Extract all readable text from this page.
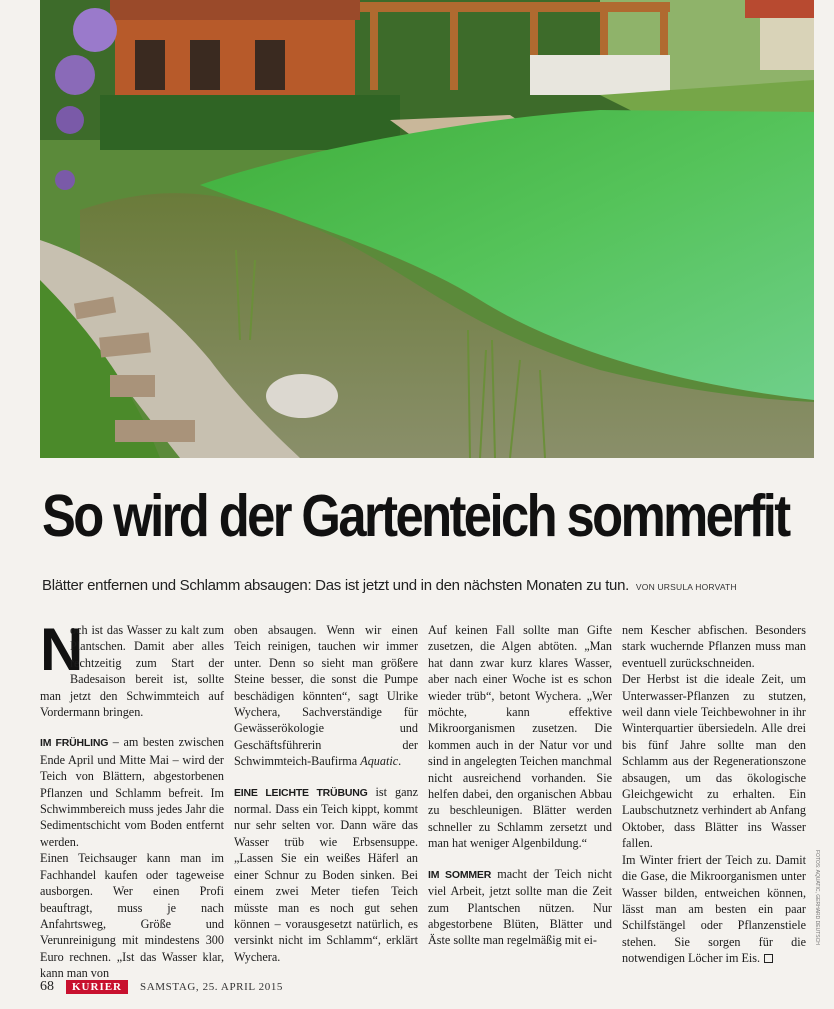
So wird der Gartenteich sommerfit
Blätter entfernen und Schlamm absaugen: Das ist jetzt und in den nächsten Monaten zu tun. VON URSULA HORVATH

N
och ist das Wasser zu kalt zum Plantschen. Damit aber alles rechtzeitig zum Start der Badesaison bereit ist, sollte man jetzt den Schwimmteich auf Vordermann bringen.

IM FRÜHLING – am besten zwischen Ende April und Mitte Mai – wird der Teich von Blättern, abgestorbenen Pflanzen und Schlamm befreit. Im Schwimmbereich muss jedes Jahr die Sedimentschicht vom Boden entfernt werden.

Einen Teichsauger kann man im Fachhandel kaufen oder tageweise ausborgen. Wer einen Profi beauftragt, muss je nach Anfahrtsweg, Größe und Verunreinigung mit mindestens 300 Euro rechnen. „Ist das Wasser klar, kann man von

oben absaugen. Wenn wir einen Teich reinigen, tauchen wir immer unter. Denn so sieht man größere Steine besser, die sonst die Pumpe beschädigen könnten“, sagt Ulrike Wychera, Sachverständige für Gewässerökologie und Geschäftsführerin der Schwimmteich-Baufirma Aquatic.

EINE LEICHTE TRÜBUNG ist ganz normal. Dass ein Teich kippt, kommt nur sehr selten vor. Dann wäre das Wasser trüb wie Erbsensuppe. „Lassen Sie ein weißes Häferl an einer Schnur zu Boden sinken. Bei einem zwei Meter tiefen Teich müsste man es noch gut sehen können – vorausgesetzt natürlich, es versinkt nicht im Schlamm“, erklärt Wychera.

Auf keinen Fall sollte man Gifte zusetzen, die Algen abtöten. „Man hat dann zwar kurz klares Wasser, aber nach einer Woche ist es schon wieder trüb“, betont Wychera. „Wer möchte, kann effektive Mikroorganismen zusetzen. Die kommen auch in der Natur vor und sind in angelegten Teichen manchmal nicht ausreichend vorhanden. Sie helfen dabei, den organischen Abbau zu beschleunigen. Blätter werden schneller zu Schlamm zersetzt und man hat weniger Algenbildung.“

IM SOMMER macht der Teich nicht viel Arbeit, jetzt sollte man die Zeit zum Plantschen nützen. Nur abgestorbene Blüten, Blätter und Äste sollte man regelmäßig mit ei-

nem Kescher abfischen. Besonders stark wuchernde Pflanzen muss man eventuell zurückschneiden.

Der Herbst ist die ideale Zeit, um Unterwasser-Pflanzen zu stutzen, weil dann viele Teichbewohner in ihr Winterquartier übersiedeln. Alle drei bis fünf Jahre sollte man den Schlamm aus der Regenerationszone absaugen, um das ökologische Gleichgewicht zu erhalten. Ein Laubschutznetz verhindert ab Anfang Oktober, dass Blätter ins Wasser fallen.

Im Winter friert der Teich zu. Damit die Gase, die Mikroorganismen unter Wasser bilden, entweichen können, lässt man am besten ein paar Schilfstängel oder Pflanzenstiele stehen. Sie sorgen für die notwendigen Löcher im Eis.

FOTOS: AQUATIC, GERHARD DEUTSCH
68	KURIER	SAMSTAG, 25. APRIL 2015
